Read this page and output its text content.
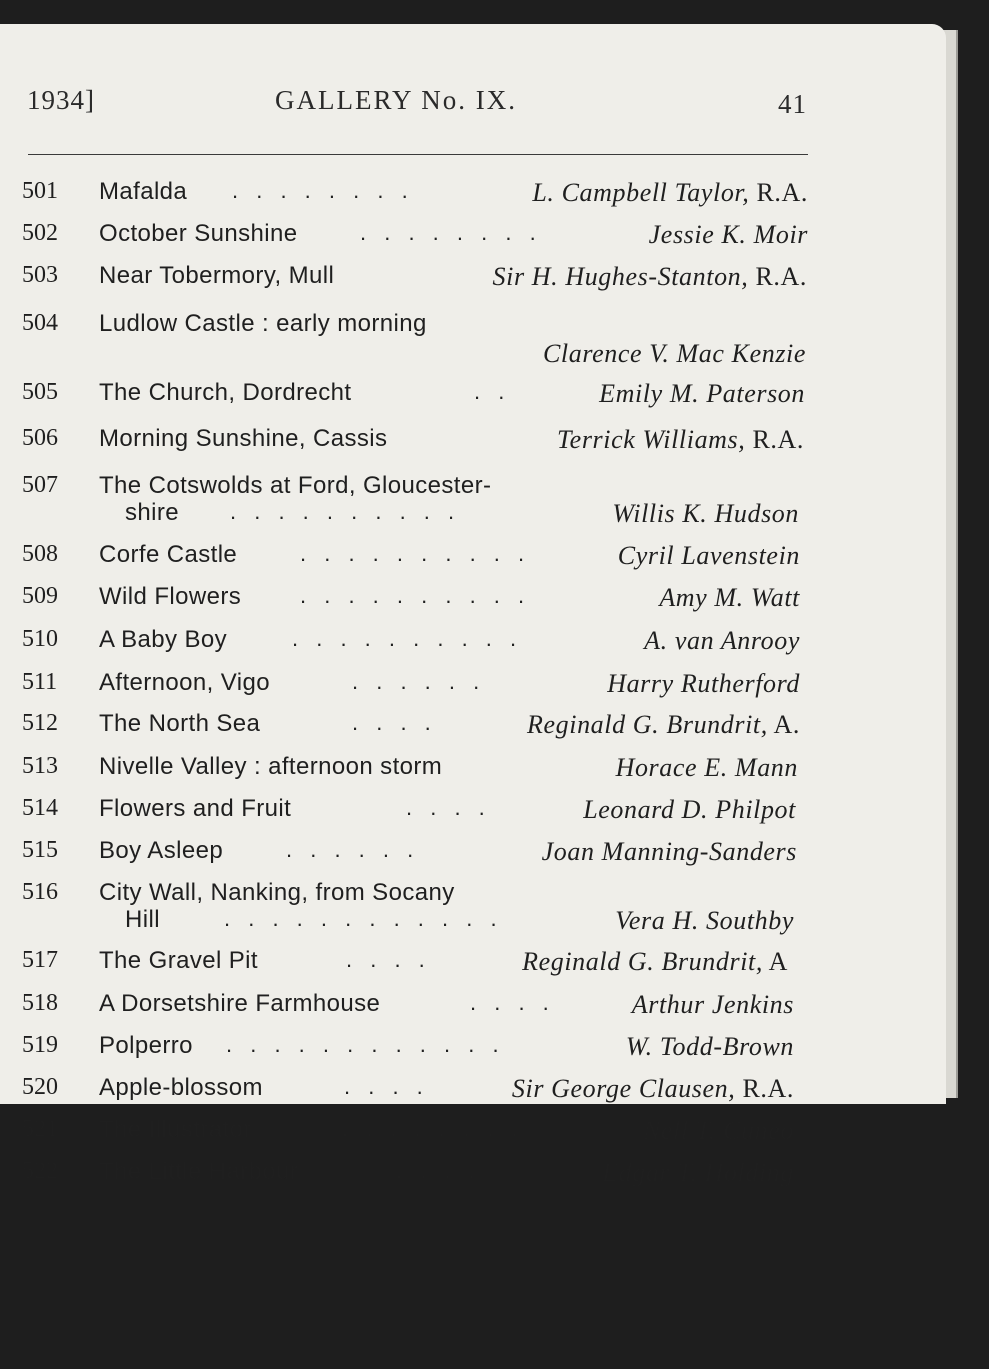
1934]	GALLERY No. IX.	41
501 Mafalda . . . . . . . .	L. Campbell Taylor, R.A.
502 October Sunshine	. . . . . . . .	Jessie K. Moir
503 Near Tobermory, Mull	Sir H. Hughes-Stanton, R.A.
504 Ludlow Castle : early morning
Clarence V. Mac Kenzie
505 The Church, Dordrecht	. .	Emily M. Paterson
506 Morning Sunshine, Cassis	Terrick Williams, R.A.
507 The Cotswolds at Ford, Gloucester-
shire . . . . . . . . . .	Willis K. Hudson
508 Corfe Castle	. . . . . . . . . .	Cyril Lavenstein
509 Wild Flowers	. . . . . . . . . .	Amy M. Watt
510 A Baby Boy	. . . . . . . . . .	A. van Anrooy
511 Afternoon, Vigo	. . . . . .	Harry Rutherford
512 The North Sea	. . . .	Reginald G. Brundrit, A.
513 Nivelle Valley : afternoon storm	Horace E. Mann
514 Flowers and Fruit	. . . .	Leonard D. Philpot
515 Boy Asleep	. . . . . .	Joan Manning-Sanders
516 City Wall, Nanking, from Socany
Hill	. . . . . . . . . . . .	Vera H. Southby
517 The Gravel Pit	. . . .	Reginald G. Brundrit, A
518 A Dorsetshire Farmhouse	. . . .	Arthur Jenkins
519 Polperro . . . . . . . . . . . .	W. Todd-Brown
520 Apple-blossom	. . . .	Sir George Clausen, R.A.
521 The Illustrator	. . . . . . . .	Nell T. Cuneo
522 The Little Harbour	. . . .	Edgar T. Holding
